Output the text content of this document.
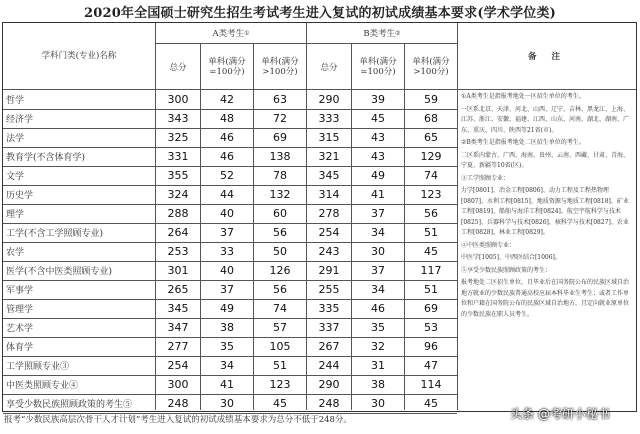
2020年全国硕士研究生招生考试考生进入复试的初试成绩基本要求(学术学位类)
学科门类(专业)名称
A类考生 ①	B类考生 ②
备 注
总分
单科(满分=100分)
单科(满分>100分)	总分
单科(满分=100分)
单科(满分>100分)
哲学	300	42	63	290	39	59
经济学	343	48	72	333	45	68
法学	325	46	69	315	43	65
教育学(不含体育学)	331	46	138	321	43	129
文学	355	52	78	345	49	74
历史学	324	44	132	314	41	123
理学	288	40	60	278	37	56
工学(不含工学照顾专业)	264	37	56	254	34	51
农学	253	33	50	243	30	45
医学(不含中医类照顾专业)	301	40	126	291	37	117
军事学	265	37	56	255	34	51
管理学	345	49	74	335	46	69
艺术学	347	38	57	337	35	53
体育学	277	35	105	267	32	96
工学照顾专业③	254	34	51	244	31	47
中医类照顾专业④	300	41	123	290	38	114
享受少数民族照顾政策的考生⑤	248	30	45	248	30	45

①A类考生是指报考地处一区招生单位的考生。

一区系北京、天津、河北、山西、辽宁、吉林、黑龙江、上海、江苏、浙江、安徽、福建、江西、山东、河南、湖北、湖南、广东、重庆、四川、陕西等21省(市)。

②B类考生是指报考地处二区招生单位的考生。

二区系内蒙古、广西、海南、贵州、云南、西藏、甘肃、青海、宁夏、新疆等10省(区)。

③工学照顾专业：

力学[0801]、冶金工程[0806]、动力工程及工程热物理[0807]、水利工程[0815]、地质资源与地质工程[0818]、矿业工程[0819]、船舶与海洋工程[0824]、航空宇航科学与技术[0825]、兵器科学与技术[0826]、核科学与技术[0827]、农业工程[0828]、林业工程[0829]。

④中医类照顾专业：

中医学[1005]、中西医结合[1006]。

⑤享受少数民族照顾政策的考生：

报考地处二区招生单位，且毕业后在国务院公布的民族区域自治地方就业的少数民族普通高校应届本科毕业生考生；或者工作单位和户籍在国务院公布的民族区域自治地方，且定向就业原单位的少数民族在职人员考生。

报考“少数民族高层次骨干人才计划”考生进入复试的初试成绩基本要求为总分不低于248分。	头条 @考研小秘书
